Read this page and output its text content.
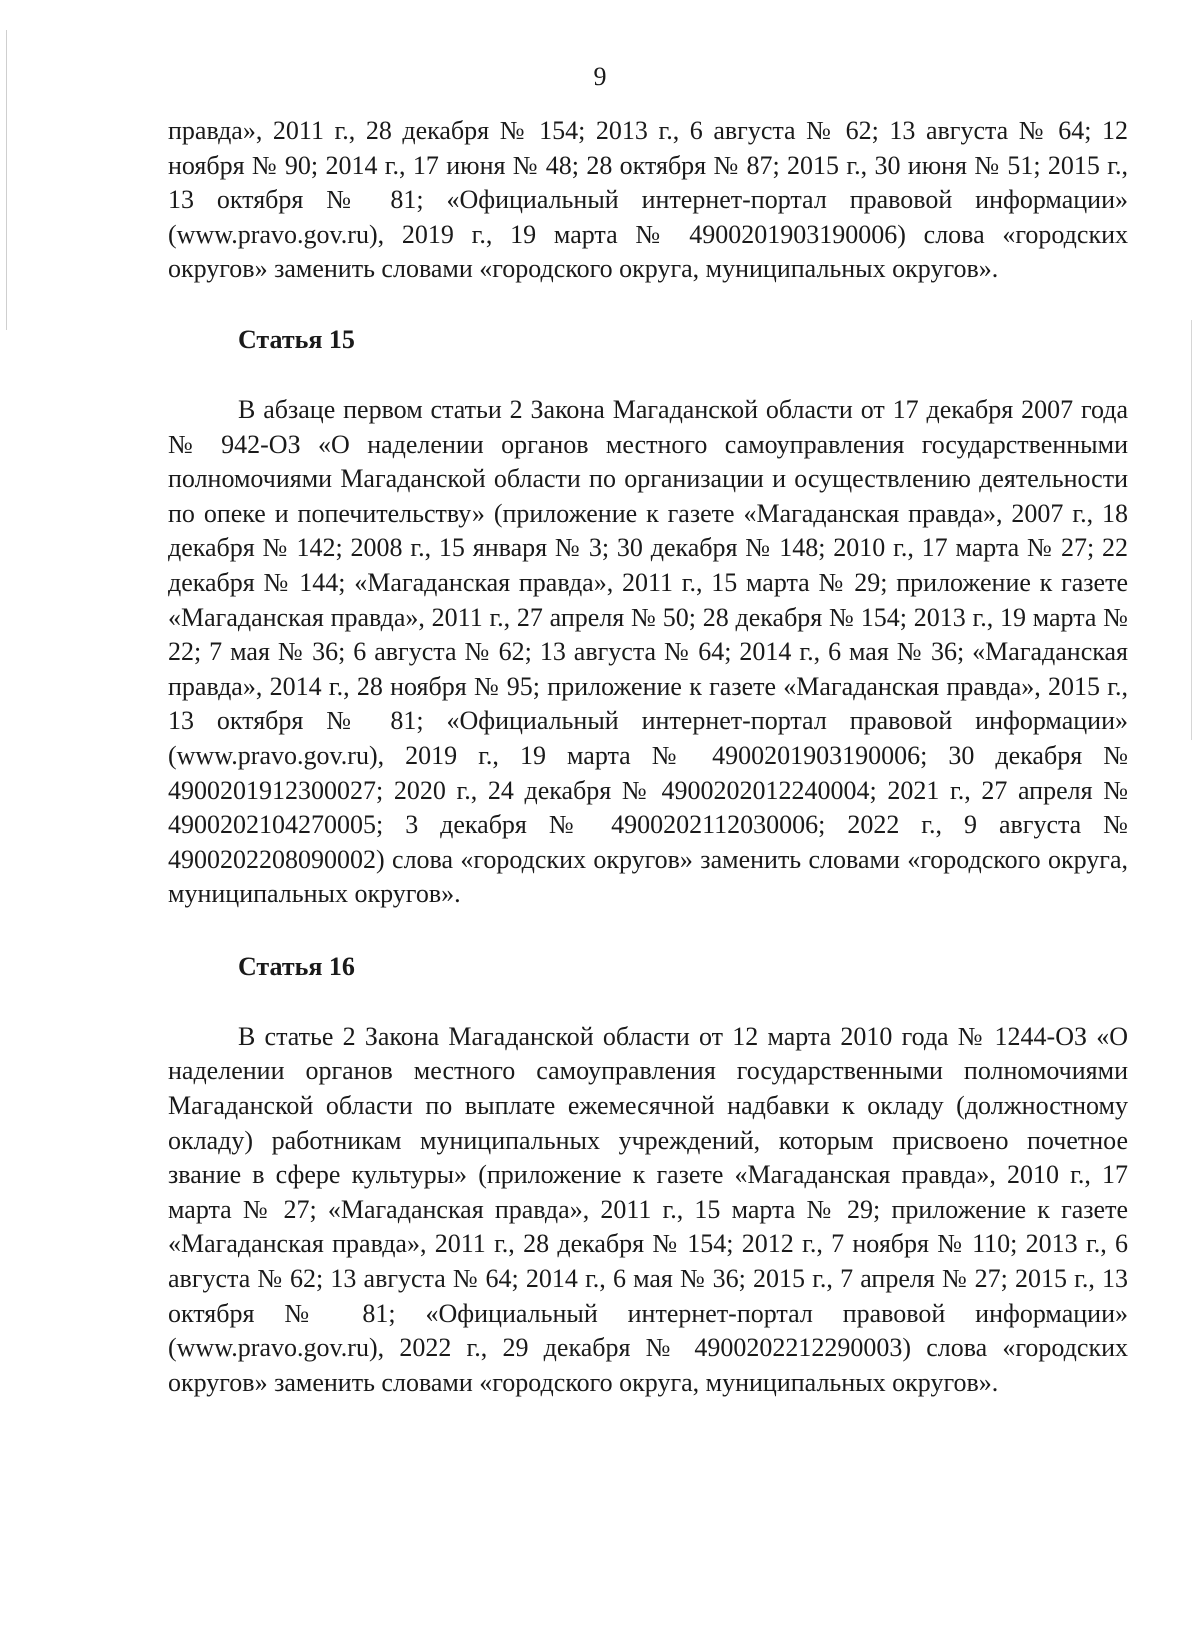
9

правда», 2011 г., 28 декабря № 154; 2013 г., 6 августа № 62; 13 августа № 64; 12 ноября № 90; 2014 г., 17 июня № 48; 28 октября № 87; 2015 г., 30 июня № 51; 2015 г., 13 октября № 81; «Официальный интернет-портал правовой информации» (www.pravo.gov.ru), 2019 г., 19 марта № 4900201903190006) слова «городских округов» заменить словами «городского округа, муниципальных округов».

Статья 15

В абзаце первом статьи 2 Закона Магаданской области от 17 декабря 2007 года № 942-ОЗ «О наделении органов местного самоуправления государственными полномочиями Магаданской области по организации и осуществлению деятельности по опеке и попечительству» (приложение к газете «Магаданская правда», 2007 г., 18 декабря № 142; 2008 г., 15 января № 3; 30 декабря № 148; 2010 г., 17 марта № 27; 22 декабря № 144; «Магаданская правда», 2011 г., 15 марта № 29; приложение к газете «Магаданская правда», 2011 г., 27 апреля № 50; 28 декабря № 154; 2013 г., 19 марта № 22; 7 мая № 36; 6 августа № 62; 13 августа № 64; 2014 г., 6 мая № 36; «Магаданская правда», 2014 г., 28 ноября № 95; приложение к газете «Магаданская правда», 2015 г., 13 октября № 81; «Официальный интернет-портал правовой информации» (www.pravo.gov.ru), 2019 г., 19 марта № 4900201903190006; 30 декабря № 4900201912300027; 2020 г., 24 декабря № 4900202012240004; 2021 г., 27 апреля № 4900202104270005; 3 декабря № 4900202112030006; 2022 г., 9 августа № 4900202208090002) слова «городских округов» заменить словами «городского округа, муниципальных округов».

Статья 16

В статье 2 Закона Магаданской области от 12 марта 2010 года № 1244-ОЗ «О наделении органов местного самоуправления государственными полномочиями Магаданской области по выплате ежемесячной надбавки к окладу (должностному окладу) работникам муниципальных учреждений, которым присвоено почетное звание в сфере культуры» (приложение к газете «Магаданская правда», 2010 г., 17 марта № 27; «Магаданская правда», 2011 г., 15 марта № 29; приложение к газете «Магаданская правда», 2011 г., 28 декабря № 154; 2012 г., 7 ноября № 110; 2013 г., 6 августа № 62; 13 августа № 64; 2014 г., 6 мая № 36; 2015 г., 7 апреля № 27; 2015 г., 13 октября № 81; «Официальный интернет-портал правовой информации» (www.pravo.gov.ru), 2022 г., 29 декабря № 4900202212290003) слова «городских округов» заменить словами «городского округа, муниципальных округов».
